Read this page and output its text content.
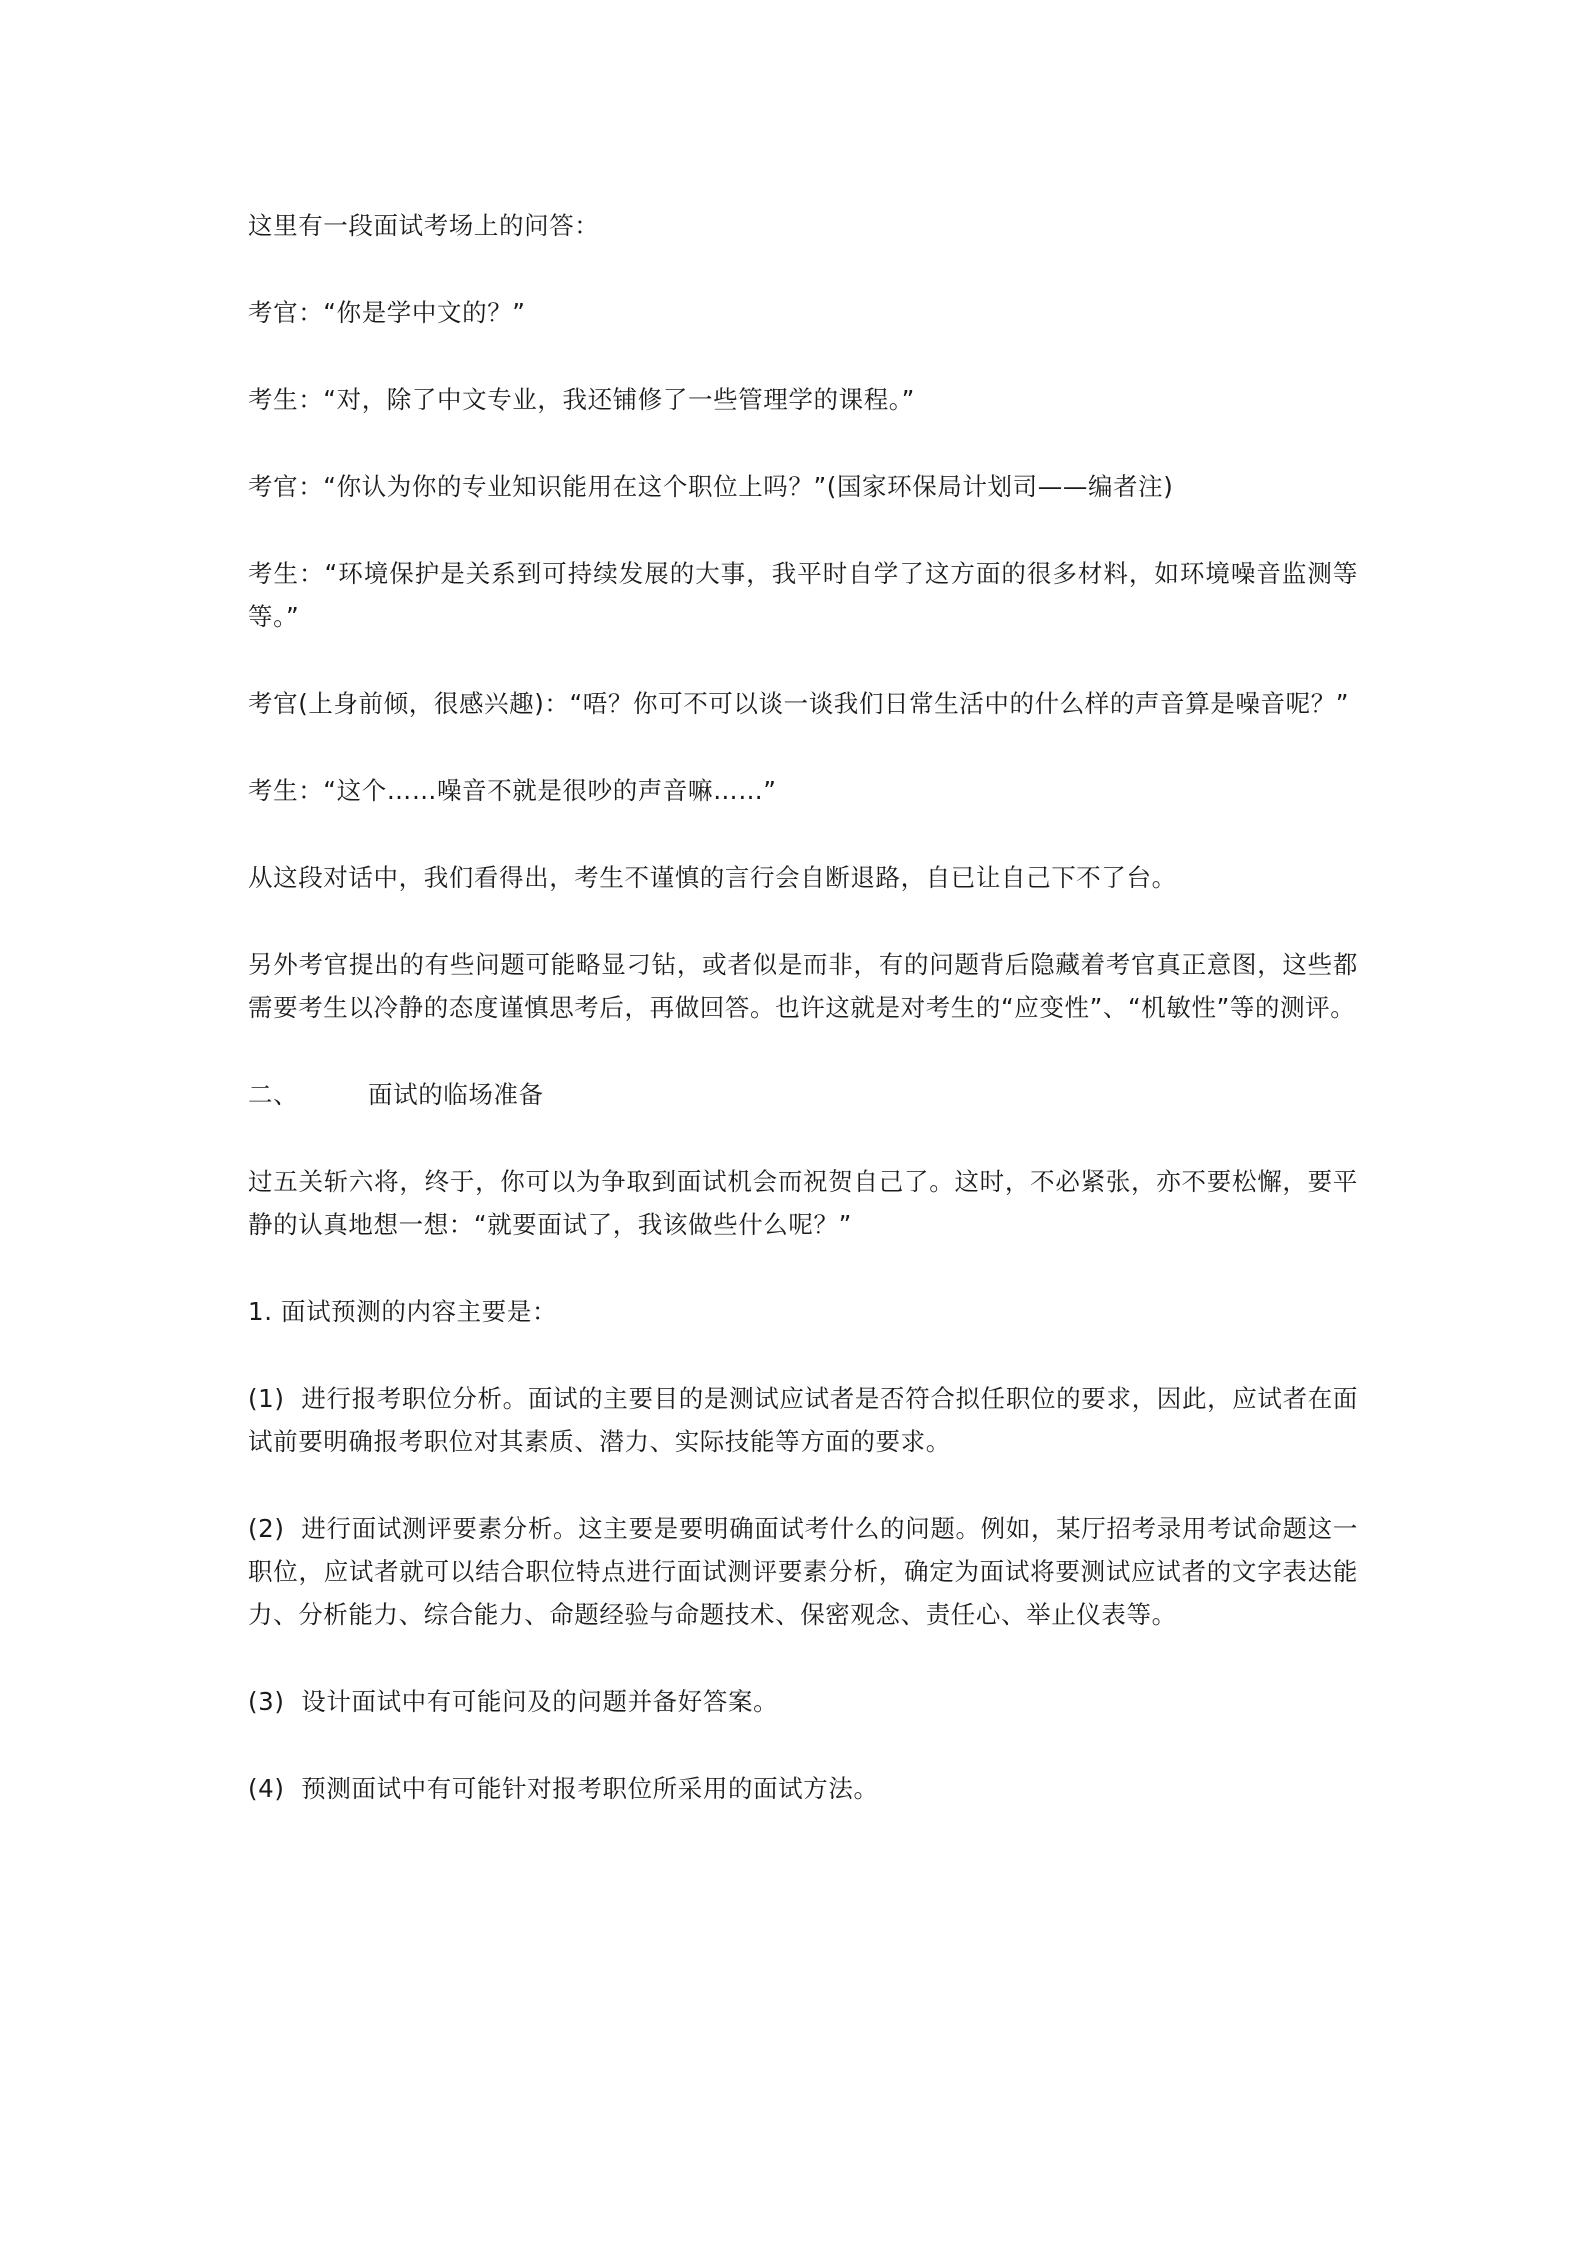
这里有一段面试考场上的问答：

考官：“你是学中文的？”

考生：“对，除了中文专业，我还铺修了一些管理学的课程。”

考官：“你认为你的专业知识能用在这个职位上吗？”(国家环保局计划司——编者注)

考生：“环境保护是关系到可持续发展的大事，我平时自学了这方面的很多材料，如环境噪音监测等等。”

考官(上身前倾，很感兴趣)：“唔？你可不可以谈一谈我们日常生活中的什么样的声音算是噪音呢？”

考生：“这个……噪音不就是很吵的声音嘛……”

从这段对话中，我们看得出，考生不谨慎的言行会自断退路，自已让自己下不了台。

另外考官提出的有些问题可能略显刁钻，或者似是而非，有的问题背后隐藏着考官真正意图，这些都需要考生以冷静的态度谨慎思考后，再做回答。也许这就是对考生的“应变性”、“机敏性”等的测评。

二、	面试的临场准备

过五关斩六将，终于，你可以为争取到面试机会而祝贺自己了。这时，不必紧张，亦不要松懈，要平静的认真地想一想：“就要面试了，我该做些什么呢？”

1. 面试预测的内容主要是：

(1)  进行报考职位分析。面试的主要目的是测试应试者是否符合拟任职位的要求，因此，应试者在面试前要明确报考职位对其素质、潜力、实际技能等方面的要求。

(2)  进行面试测评要素分析。这主要是要明确面试考什么的问题。例如，某厅招考录用考试命题这一职位，应试者就可以结合职位特点进行面试测评要素分析，确定为面试将要测试应试者的文字表达能力、分析能力、综合能力、命题经验与命题技术、保密观念、责任心、举止仪表等。

(3)  设计面试中有可能问及的问题并备好答案。

(4)  预测面试中有可能针对报考职位所采用的面试方法。
